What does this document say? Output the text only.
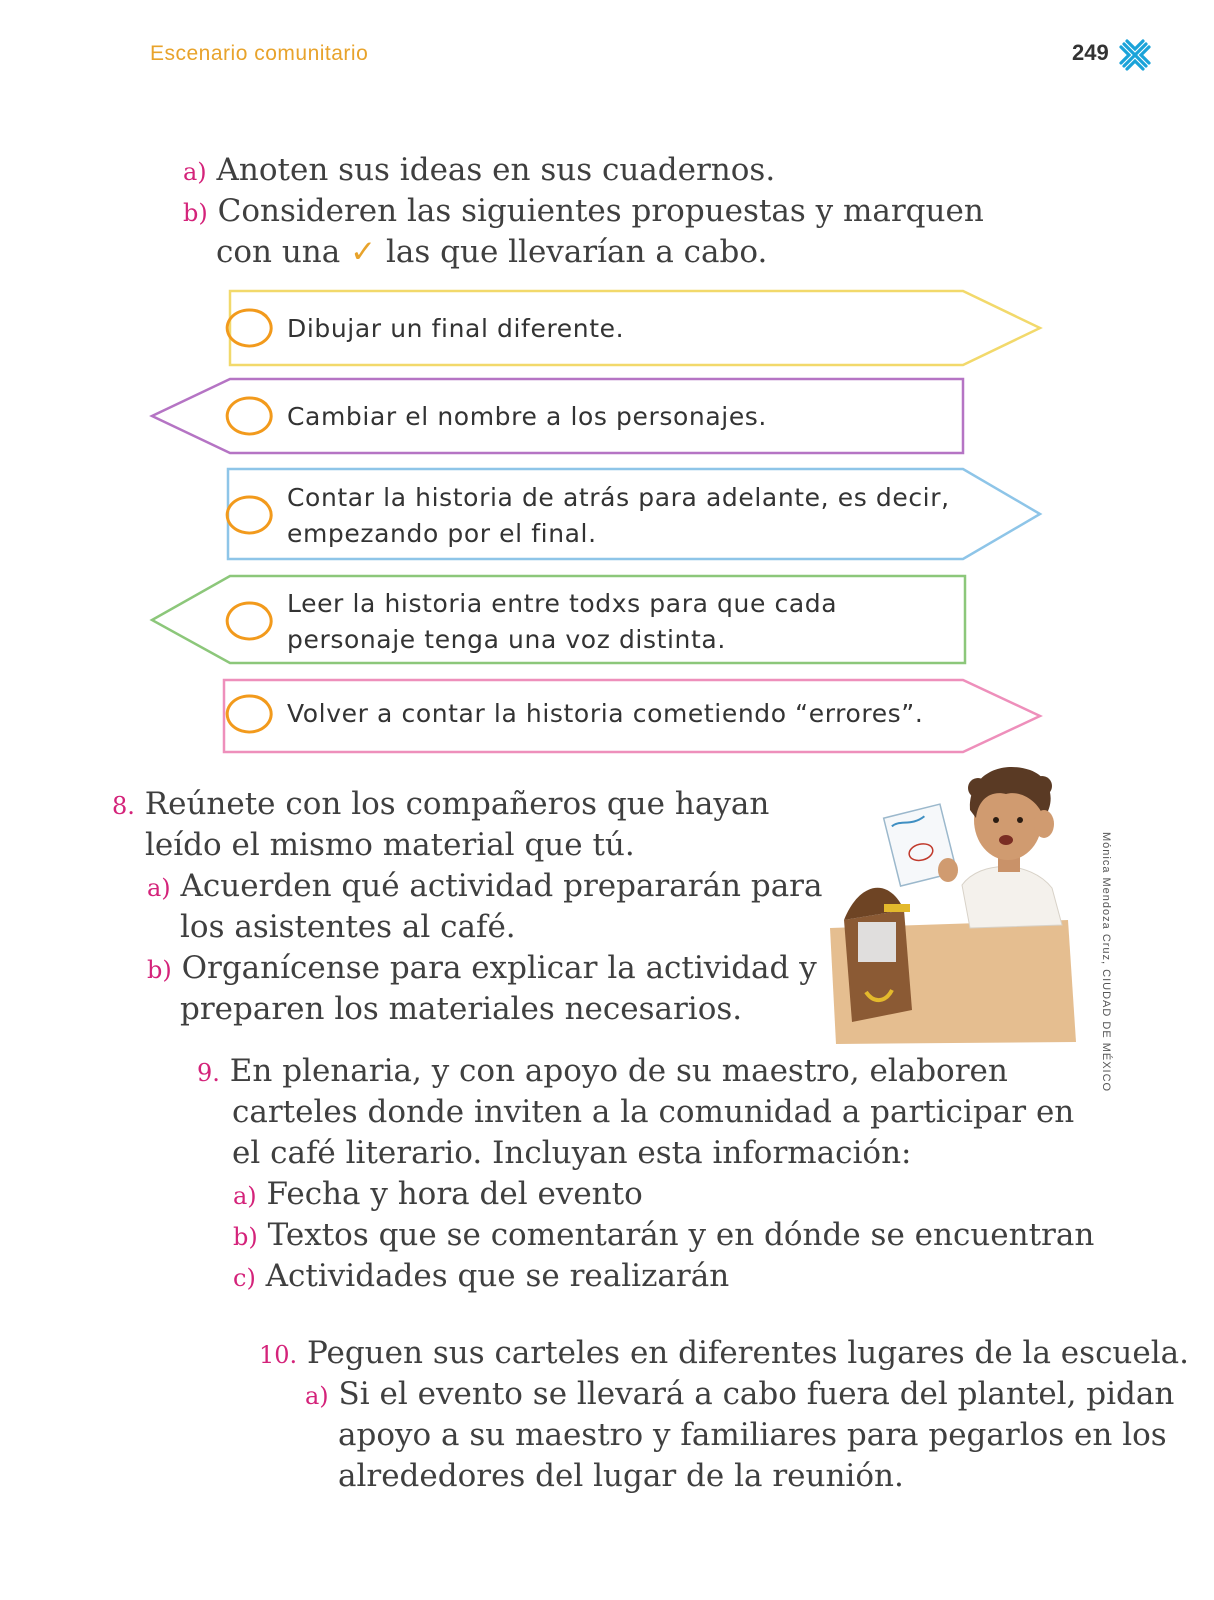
Escenario comunitario	249
a) Anoten sus ideas en sus cuadernos.
b) Consideren las siguientes propuestas y marquen
con una ✓ las que llevarían a cabo.
Dibujar un final diferente.
Cambiar el nombre a los personajes.
Contar la historia de atrás para adelante, es decir,
empezando por el final.
Leer la historia entre todxs para que cada
personaje tenga una voz distinta.
Volver a contar la historia cometiendo “errores”.
8. Reúnete con los compañeros que hayan
leído el mismo material que tú.
a) Acuerden qué actividad prepararán para
los asistentes al café.
b) Organícense para explicar la actividad y
preparen los materiales necesarios.	Mónica Mendoza Cruz, CIUDAD DE MÉXICO
9. En plenaria, y con apoyo de su maestro, elaboren
carteles donde inviten a la comunidad a participar en
el café literario. Incluyan esta información:
a) Fecha y hora del evento
b) Textos que se comentarán y en dónde se encuentran
c) Actividades que se realizarán
10. Peguen sus carteles en diferentes lugares de la escuela.
a) Si el evento se llevará a cabo fuera del plantel, pidan
apoyo a su maestro y familiares para pegarlos en los
alrededores del lugar de la reunión.
